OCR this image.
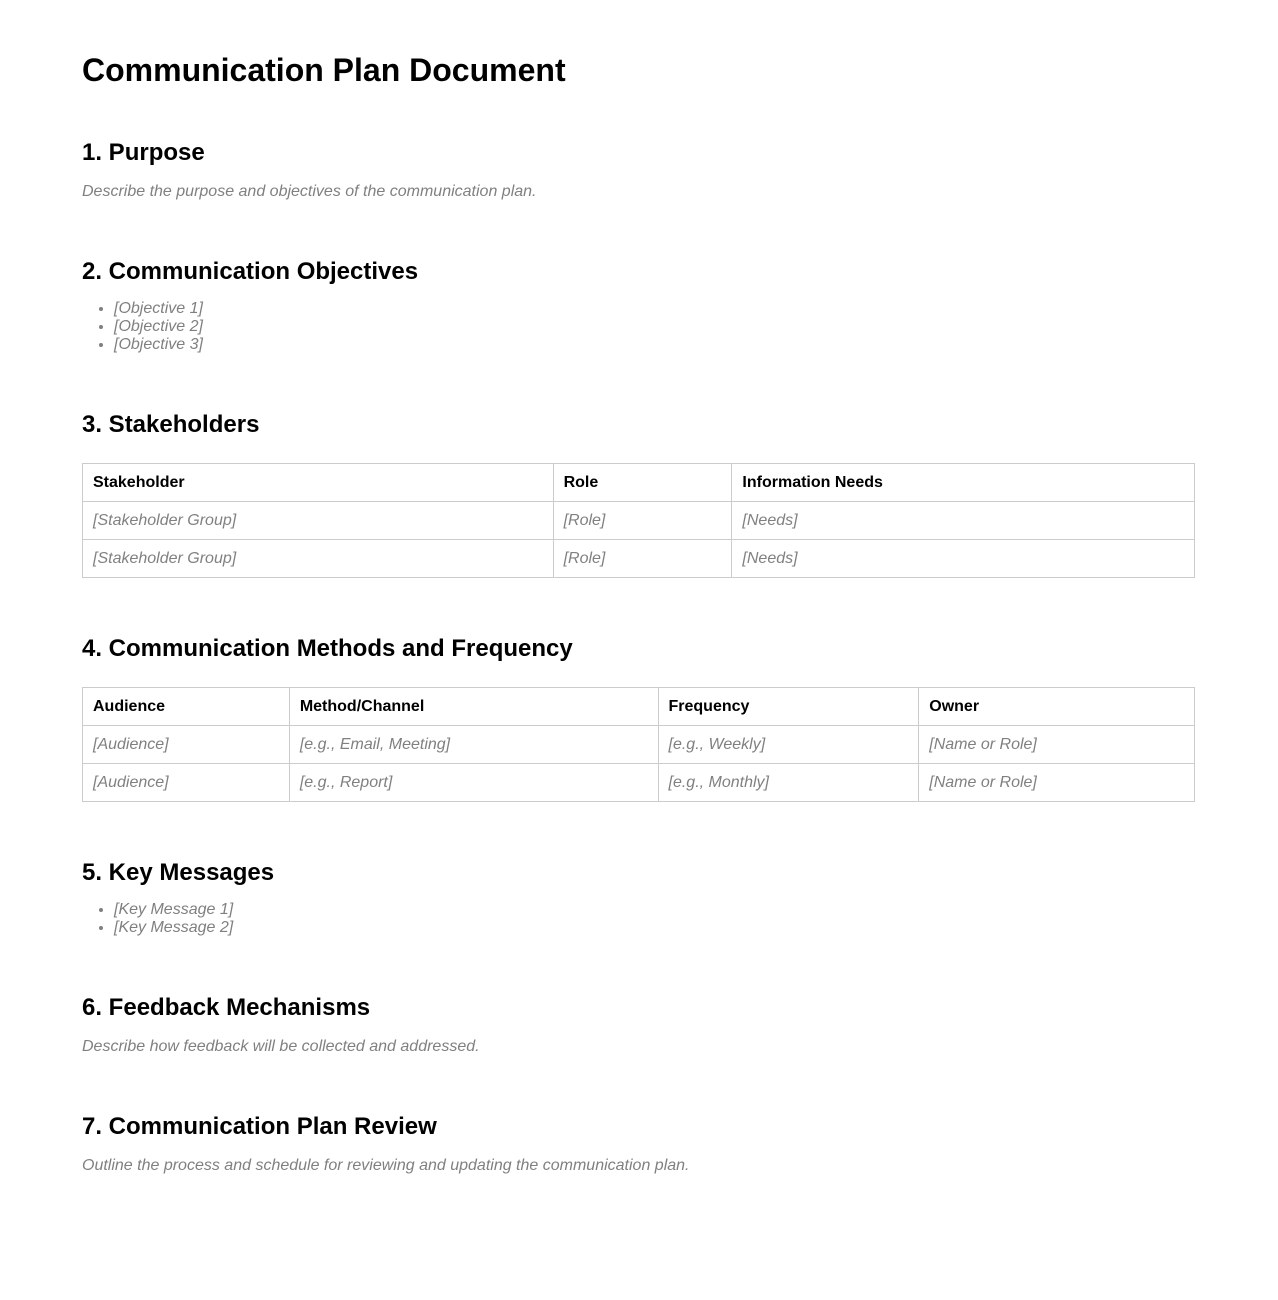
Communication Plan Document
1. Purpose

Describe the purpose and objectives of the communication plan.

2. Communication Objectives
• [Objective 1]
• [Objective 2]
• [Objective 3]
3. Stakeholders
Stakeholder	Role	Information Needs
[Stakeholder Group]	[Role]	[Needs]
[Stakeholder Group]	[Role]	[Needs]
4. Communication Methods and Frequency
Audience	Method/Channel	Frequency	Owner
[Audience]	[e.g., Email, Meeting]	[e.g., Weekly]	[Name or Role]
[Audience]	[e.g., Report]	[e.g., Monthly]	[Name or Role]
5. Key Messages
• [Key Message 1]
• [Key Message 2]
6. Feedback Mechanisms

Describe how feedback will be collected and addressed.

7. Communication Plan Review

Outline the process and schedule for reviewing and updating the communication plan.
